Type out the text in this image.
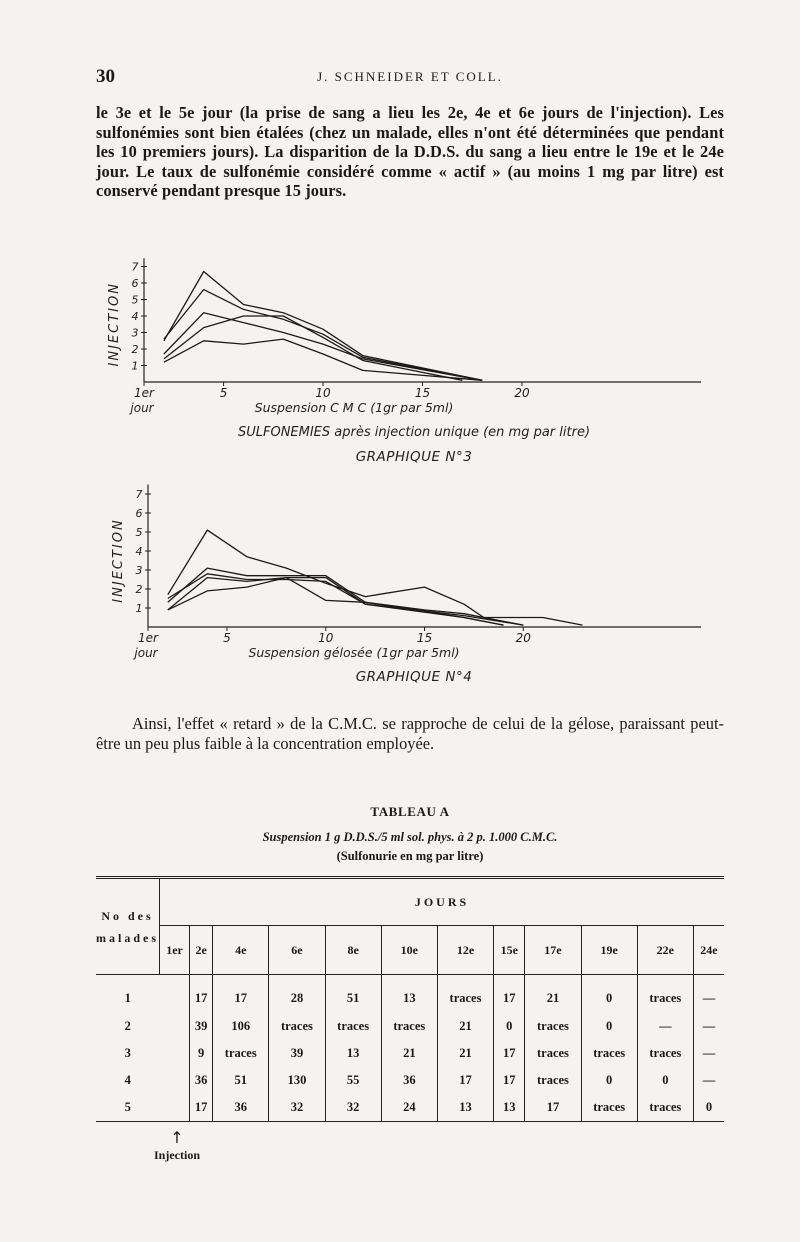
30	J. SCHNEIDER ET COLL.

le 3e et le 5e jour (la prise de sang a lieu les 2e, 4e et 6e jours de l'injection). Les sulfonémies sont bien étalées (chez un malade, elles n'ont été déterminées que pendant les 10 premiers jours). La disparition de la D.D.S. du sang a lieu entre le 19e et le 24e jour. Le taux de sulfonémie considéré comme « actif » (au moins 1 mg par litre) est conservé pendant presque 15 jours.

1
2
3
4
5
6
7
INJECTION
1er	5	10	15	20
jour	Suspension C M C (1gr par 5ml)
SULFONEMIES après injection unique (en mg par litre)
GRAPHIQUE N°3
1
2
3
4
5
6
7
INJECTION
1er	5	10	15	20
jour	Suspension gélosée (1gr par 5ml)
GRAPHIQUE N°4

Ainsi, l'effet « retard » de la C.M.C. se rapproche de celui de la gélose, paraissant peut-être un peu plus faible à la concentration employée.

TABLEAU A
Suspension 1 g D.D.S./5 ml sol. phys. à 2 p. 1.000 C.M.C.
(Sulfonurie en mg par litre)
No des malades	JOURS											
	1er	2e	4e	6e	8e	10e	12e	15e	17e	19e	22e	24e
1		17	17	28	51	13	traces	17	21	0	traces	—
2		39	106	traces	traces	traces	21	0	traces	0	—	—
3		9	traces	39	13	21	21	17	traces	traces	traces	—
4		36	51	130	55	36	17	17	traces	0	0	—
5		17	36	32	32	24	13	13	17	traces	traces	0
↑
Injection
